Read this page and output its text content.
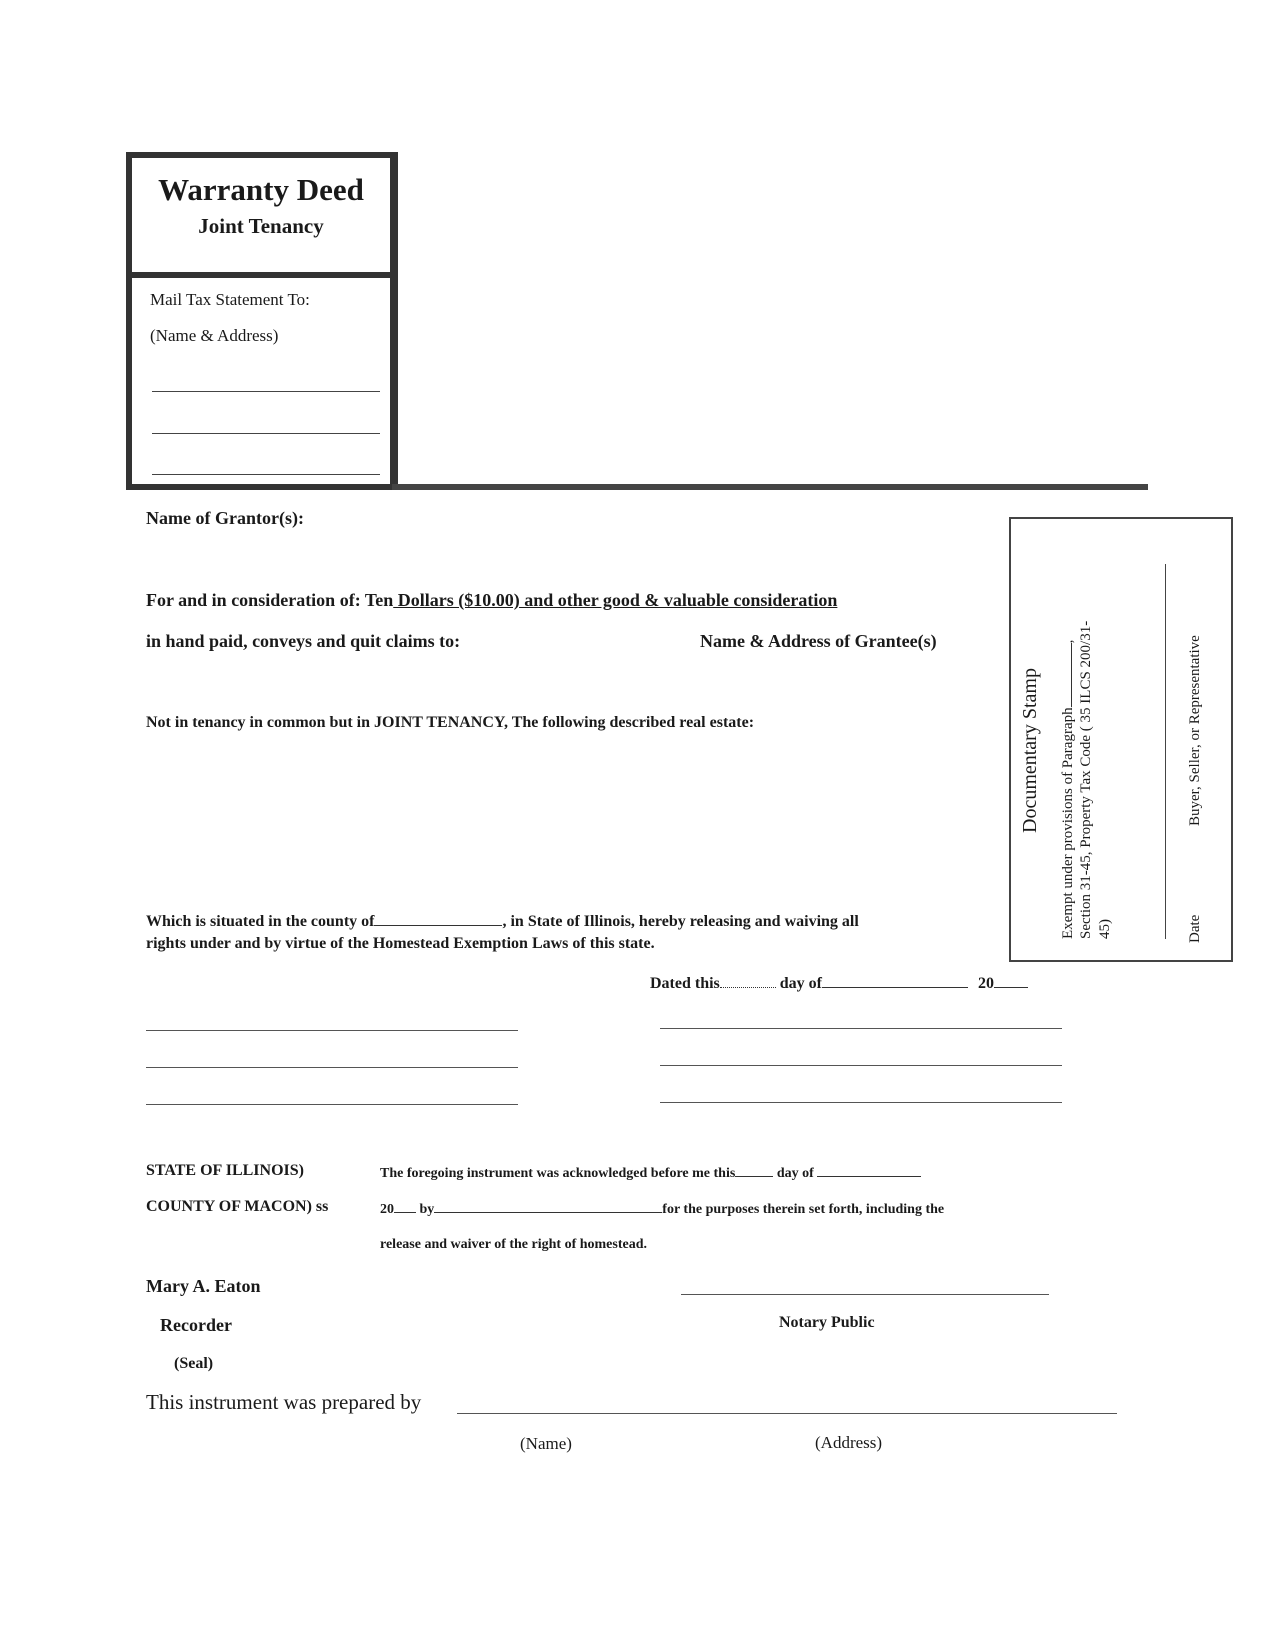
Warranty Deed
Joint Tenancy
Mail Tax Statement To:
(Name & Address)
Name of Grantor(s):
For and in consideration of: Ten Dollars ($10.00) and other good & valuable consideration
in hand paid, conveys and quit claims to:	Name & Address of Grantee(s)
Not in tenancy in common but in JOINT TENANCY, The following described real estate:
Which is situated in the county of	, in State of Illinois, hereby releasing and waiving all
rights under and by virtue of the Homestead Exemption Laws of this state.
Dated this	day of	20
Documentary Stamp Exempt under provisions of Paragraph, Section 31-45, Property Tax Code ( 35 ILCS 200/31- 45)	Date
Buyer, Seller, or Representative
STATE OF ILLINOIS)
COUNTY OF MACON) ss
The foregoing instrument was acknowledged before me this	day of
20 by	for the purposes therein set forth, including the
release and waiver of the right of homestead.
Mary A. Eaton
Recorder
(Seal)
Notary Public
This instrument was prepared by
(Name)	(Address)
